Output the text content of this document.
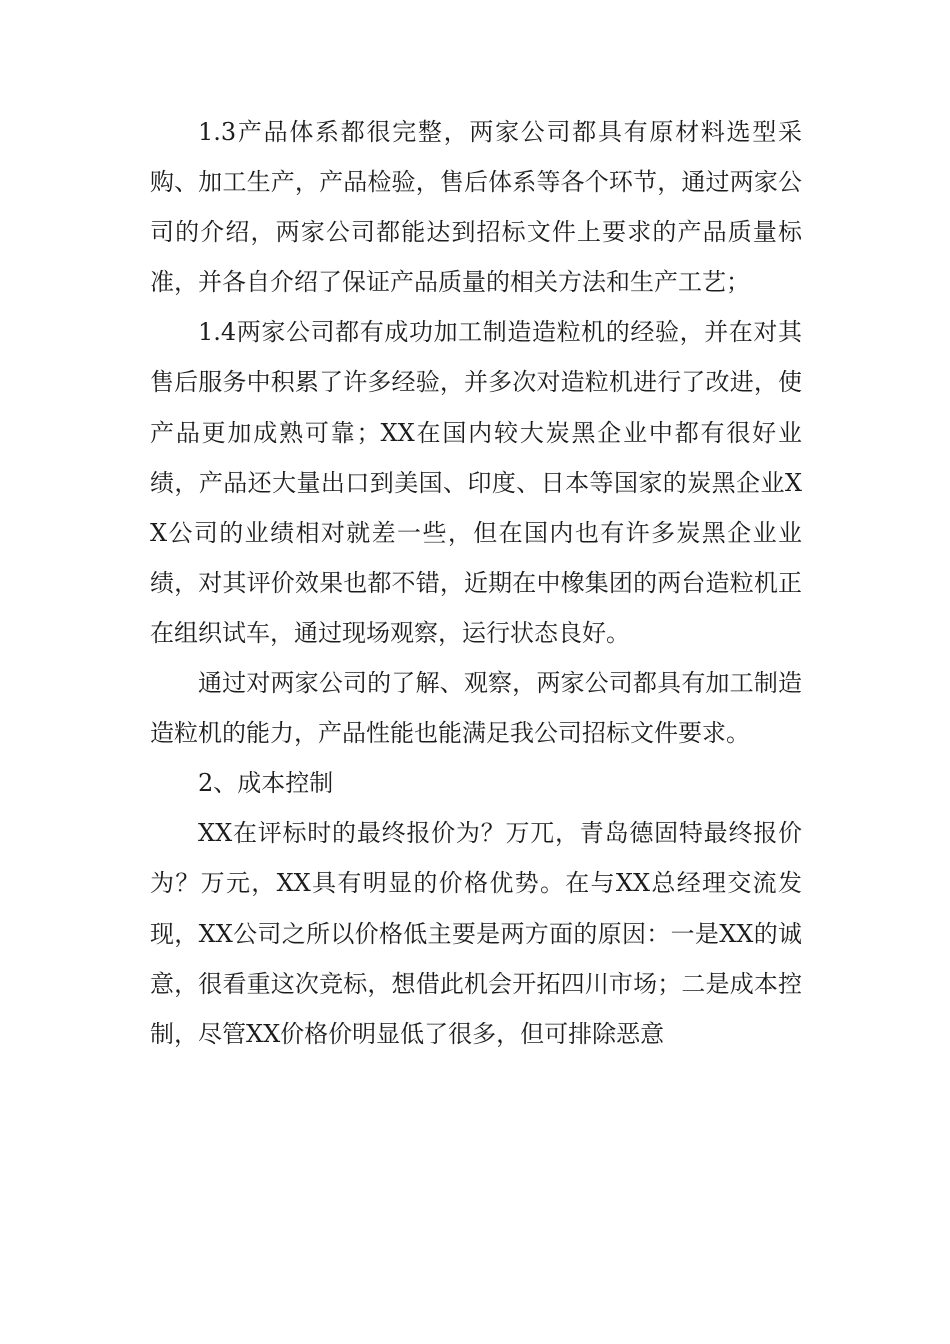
1.3产品体系都很完整，两家公司都具有原材料选型采购、加工生产，产品检验，售后体系等各个环节，通过两家公司的介绍，两家公司都能达到招标文件上要求的产品质量标准，并各自介绍了保证产品质量的相关方法和生产工艺；

1.4两家公司都有成功加工制造造粒机的经验，并在对其售后服务中积累了许多经验，并多次对造粒机进行了改进，使产品更加成熟可靠；XX在国内较大炭黑企业中都有很好业绩，产品还大量出口到美国、印度、日本等国家的炭黑企业XX公司的业绩相对就差一些，但在国内也有许多炭黑企业业绩，对其评价效果也都不错，近期在中橡集团的两台造粒机正在组织试车，通过现场观察，运行状态良好。

通过对两家公司的了解、观察，两家公司都具有加工制造造粒机的能力，产品性能也能满足我公司招标文件要求。

2、成本控制

XX在评标时的最终报价为？万兀，青岛德固特最终报价为？万元，XX具有明显的价格优势。在与XX总经理交流发现，XX公司之所以价格低主要是两方面的原因：一是XX的诚意，很看重这次竞标，想借此机会开拓四川市场；二是成本控制，尽管XX价格价明显低了很多，但可排除恶意
